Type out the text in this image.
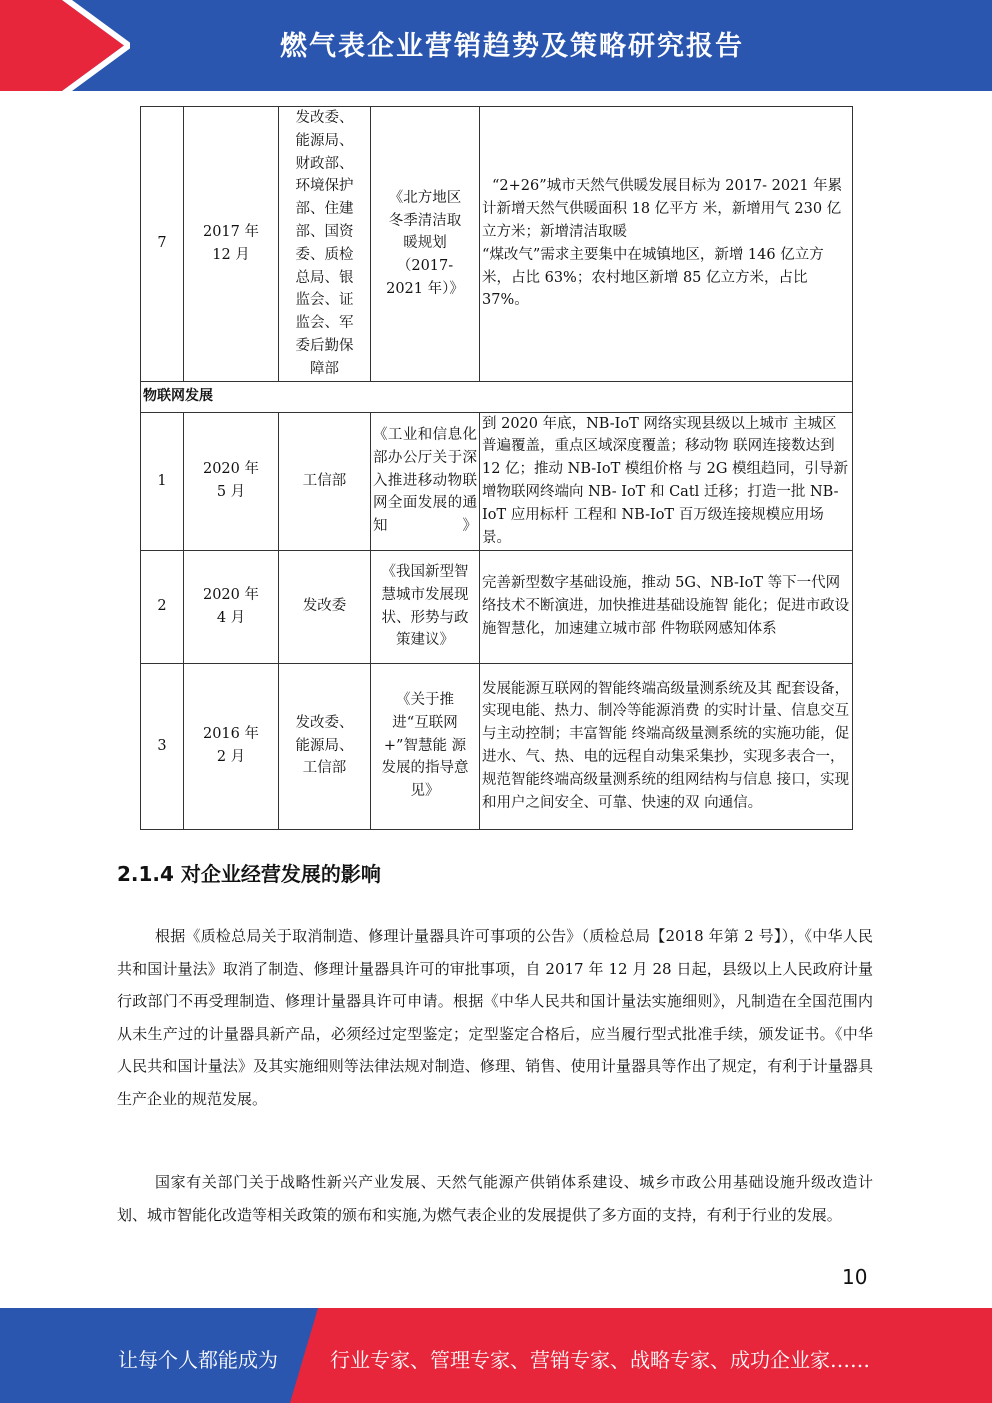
燃气表企业营销趋势及策略研究报告
7	2017 年 12 月	发改委、能源局、财政部、环境保护部、住建部、国资委、质检总局、银监会、证监会、军委后勤保障部	《北方地区冬季清洁取暖规划（2017-2021 年）》	“2+26”城市天然气供暖发展目标为 2017- 2021 年累计新增天然气供暖面积 18 亿平方 米，新增用气 230 亿立方米；新增清洁取暖
“煤改气”需求主要集中在城镇地区，新增 146 亿立方米，占比 63%；农村地区新增 85 亿立方米，占比 37%。

物联网发展				
1	2020 年 5 月	工信部	《工业和信息化部办公厅关于深入推进移动物联网全面发展的通知》	到 2020 年底，NB-IoT 网络实现县级以上城市 主城区普遍覆盖，重点区域深度覆盖；移动物 联网连接数达到 12 亿；推动 NB-IoT 模组价格 与 2G 模组趋同，引导新增物联网终端向 NB- IoT 和 Catl 迁移；打造一批 NB-IoT 应用标杆 工程和 NB-IoT 百万级连接规模应用场景。
2	2020 年 4 月	发改委	《我国新型智慧城市发展现状、形势与政策建议》	完善新型数字基础设施，推动 5G、NB-IoT 等下一代网络技术不断演进，加快推进基础设施智 能化；促进市政设施智慧化，加速建立城市部 件物联网感知体系
3	2016 年 2 月	发改委、能源局、工信部	《关于推进“互联网 +”智慧能 源发展的指导意见》	发展能源互联网的智能终端高级量测系统及其 配套设备，实现电能、热力、制冷等能源消费 的实时计量、信息交互与主动控制；丰富智能 终端高级量测系统的实施功能，促进水、气、热、电的远程自动集采集抄，实现多表合一， 规范智能终端高级量测系统的组网结构与信息 接口，实现和用户之间安全、可靠、快速的双 向通信。
2.1.4 对企业经营发展的影响
根据《质检总局关于取消制造、修理计量器具许可事项的公告》（质检总局【2018 年第 2 号】），《中华人民共和国计量法》取消了制造、修理计量器具许可的审批事项，自 2017 年 12 月 28 日起，县级以上人民政府计量行政部门不再受理制造、修理计量器具许可申请。根据《中华人民共和国计量法实施细则》，凡制造在全国范围内从未生产过的计量器具新产品，必须经过定型鉴定；定型鉴定合格后，应当履行型式批准手续，颁发证书。《中华人民共和国计量法》及其实施细则等法律法规对制造、修理、销售、使用计量器具等作出了规定，有利于计量器具生产企业的规范发展。
国家有关部门关于战略性新兴产业发展、天然气能源产供销体系建设、城乡市政公用基础设施升级改造计划、城市智能化改造等相关政策的颁布和实施,为燃气表企业的发展提供了多方面的支持，有利于行业的发展。
10
让每个人都能成为	行业专家、管理专家、营销专家、战略专家、成功企业家……
